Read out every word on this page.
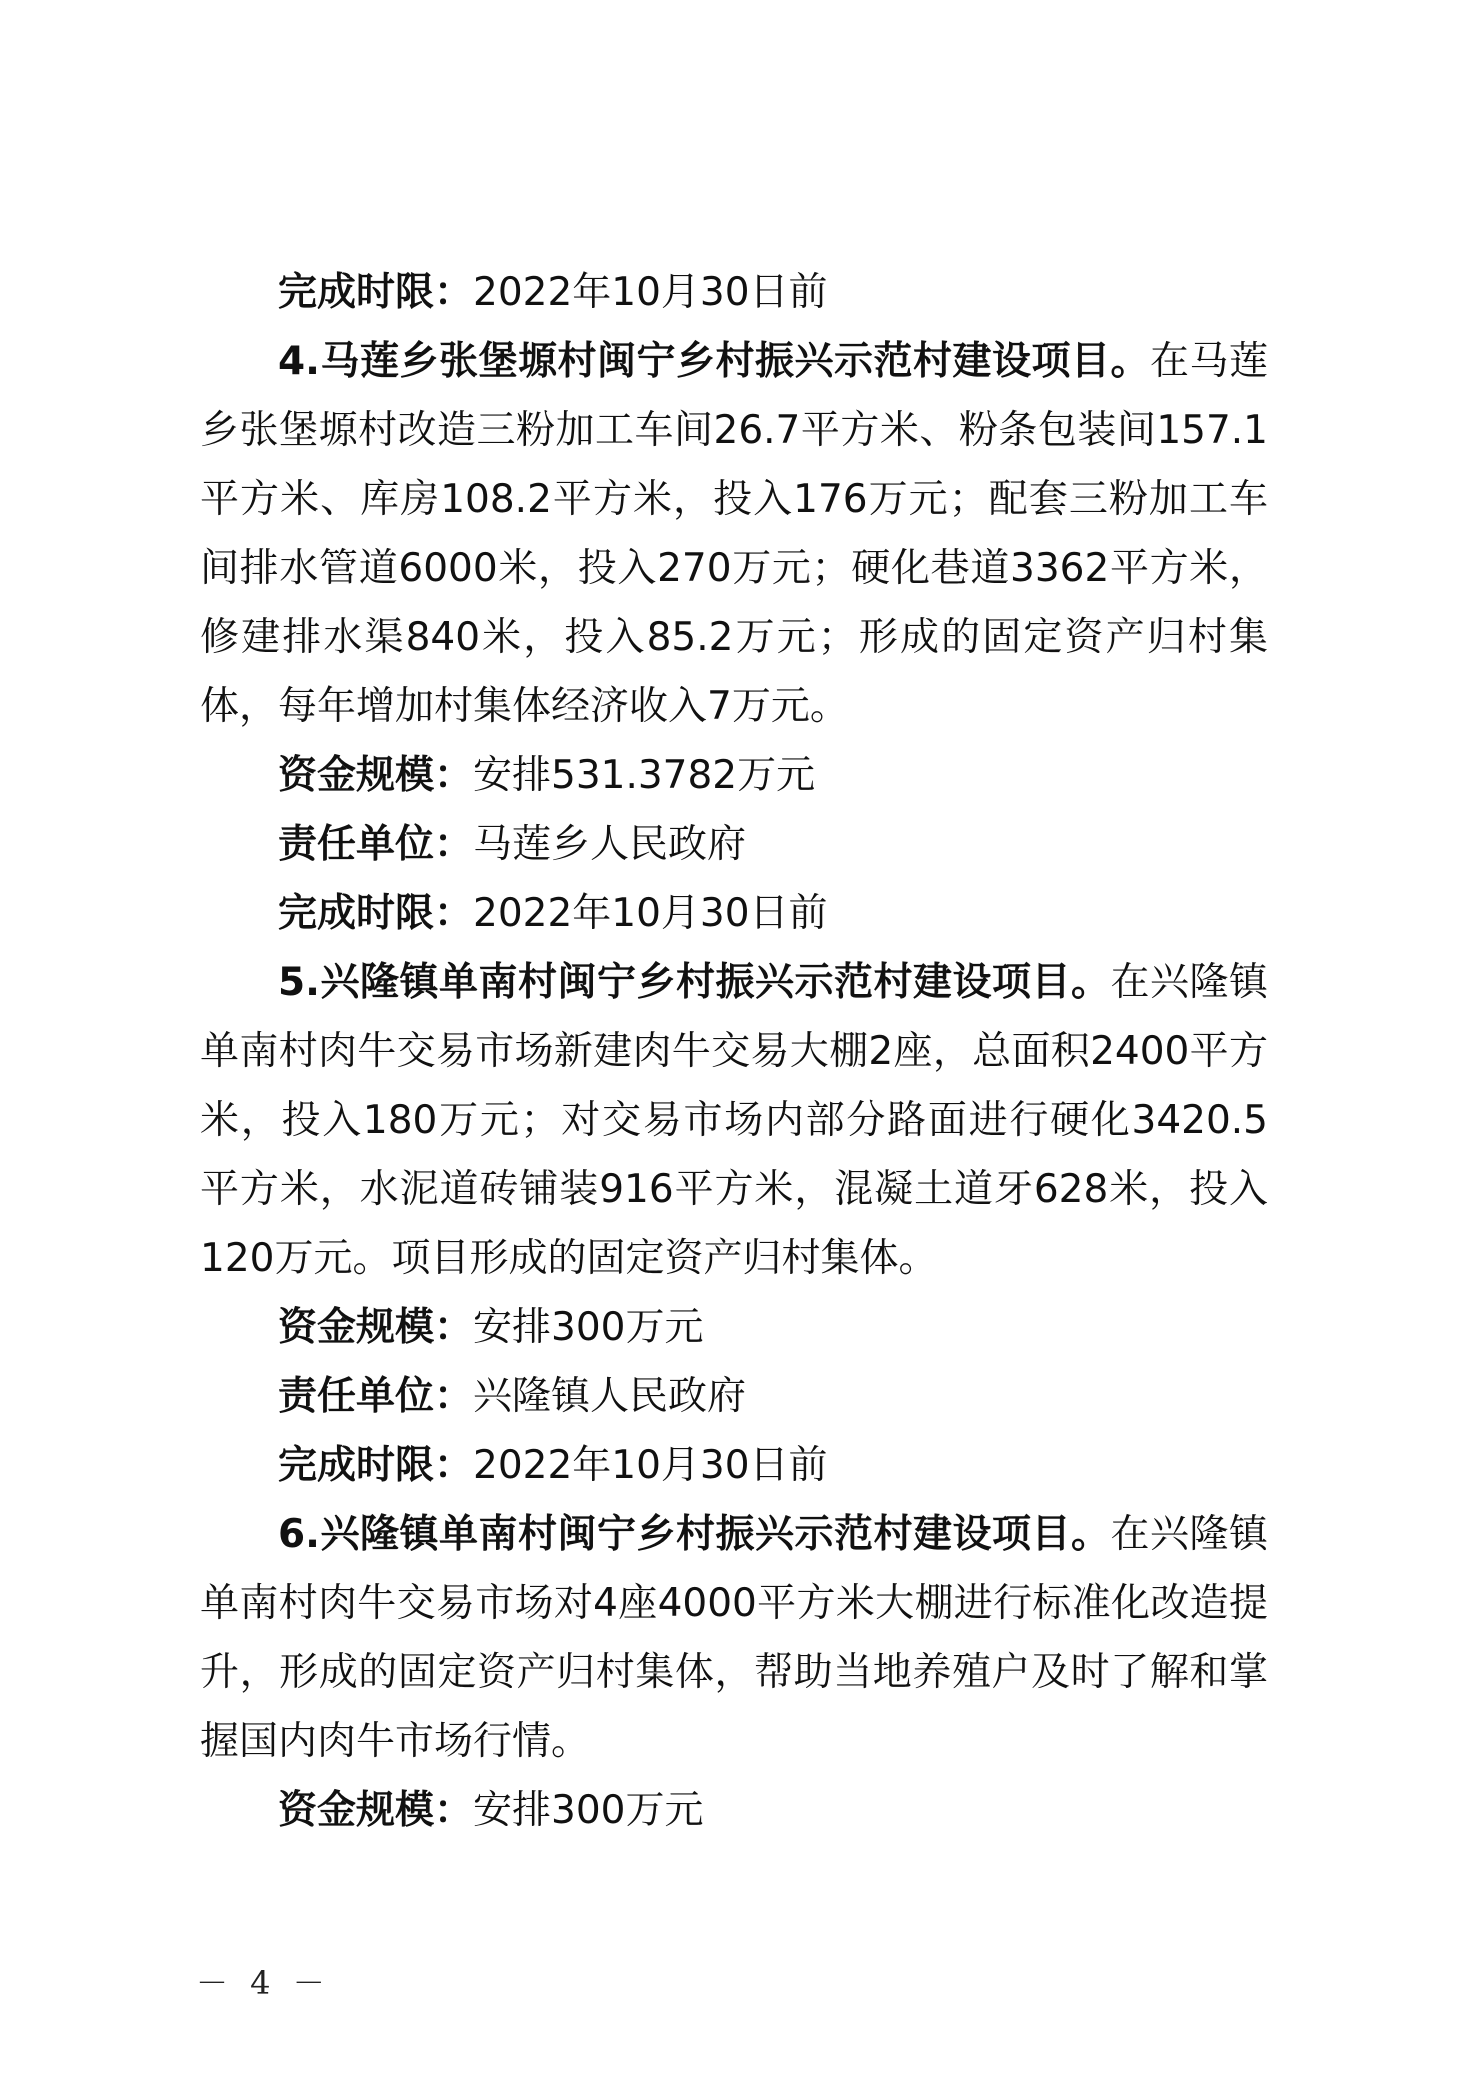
完成时限：2022年10月30日前

4.马莲乡张堡塬村闽宁乡村振兴示范村建设项目。在马莲乡张堡塬村改造三粉加工车间26.7平方米、粉条包装间157.1平方米、库房108.2平方米，投入176万元；配套三粉加工车间排水管道6000米，投入270万元；硬化巷道3362平方米，修建排水渠840米，投入85.2万元；形成的固定资产归村集体，每年增加村集体经济收入7万元。

资金规模：安排531.3782万元

责任单位：马莲乡人民政府

完成时限：2022年10月30日前

5.兴隆镇单南村闽宁乡村振兴示范村建设项目。在兴隆镇单南村肉牛交易市场新建肉牛交易大棚2座，总面积2400平方米，投入180万元；对交易市场内部分路面进行硬化3420.5平方米，水泥道砖铺装916平方米，混凝土道牙628米，投入120万元。项目形成的固定资产归村集体。

资金规模：安排300万元

责任单位：兴隆镇人民政府

完成时限：2022年10月30日前

6.兴隆镇单南村闽宁乡村振兴示范村建设项目。在兴隆镇单南村肉牛交易市场对4座4000平方米大棚进行标准化改造提升，形成的固定资产归村集体，帮助当地养殖户及时了解和掌握国内肉牛市场行情。

资金规模：安排300万元

－ 4 －
